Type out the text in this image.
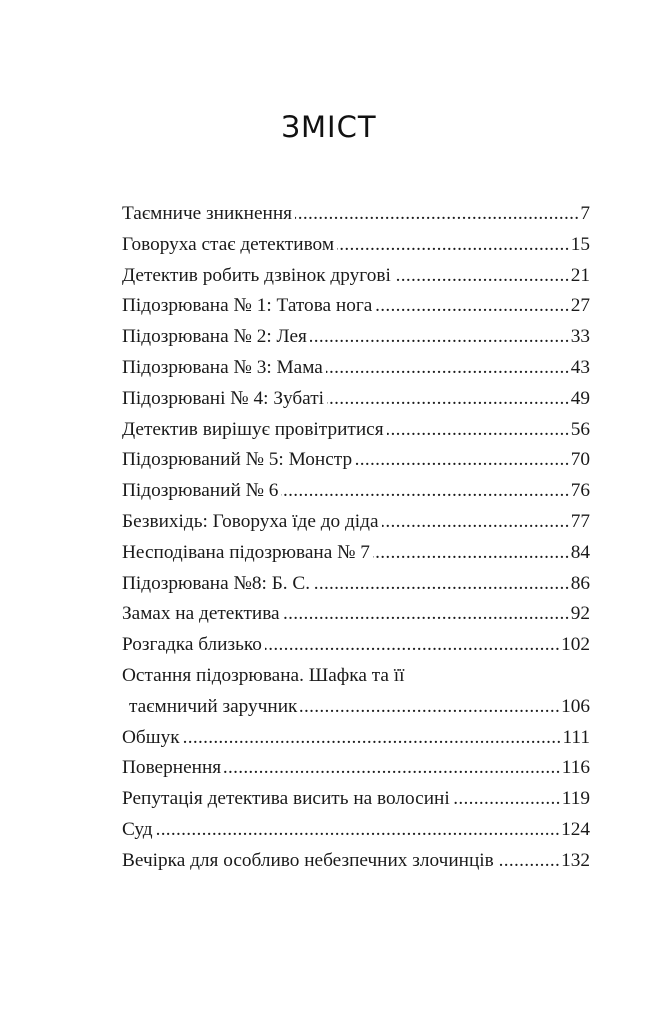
ЗМІСТ
Таємниче зникнення .....	7
Говоруха стає детективом .....	15
Детектив робить дзвінок другові .....	21
Підозрювана № 1: Татова нога .....	27
Підозрювана № 2: Лея .....	33
Підозрювана № 3: Мама .....	43
Підозрювані № 4: Зубаті .....	49
Детектив вирішує провітритися .....	56
Підозрюваний № 5: Монстр .....	70
Підозрюваний № 6 .....	76
Безвихідь: Говоруха їде до діда .....	77
Несподівана підозрювана № 7 .....	84
Підозрювана №8: Б. С. .....	86
Замах на детектива .....	92
Розгадка близько .....	102
Остання підозрювана. Шафка та її
таємничий заручник .....	106
Обшук .....	111
Повернення .....	116
Репутація детектива висить на волосині .....	119
Суд .....	124
Вечірка для особливо небезпечних злочинців .....	132
